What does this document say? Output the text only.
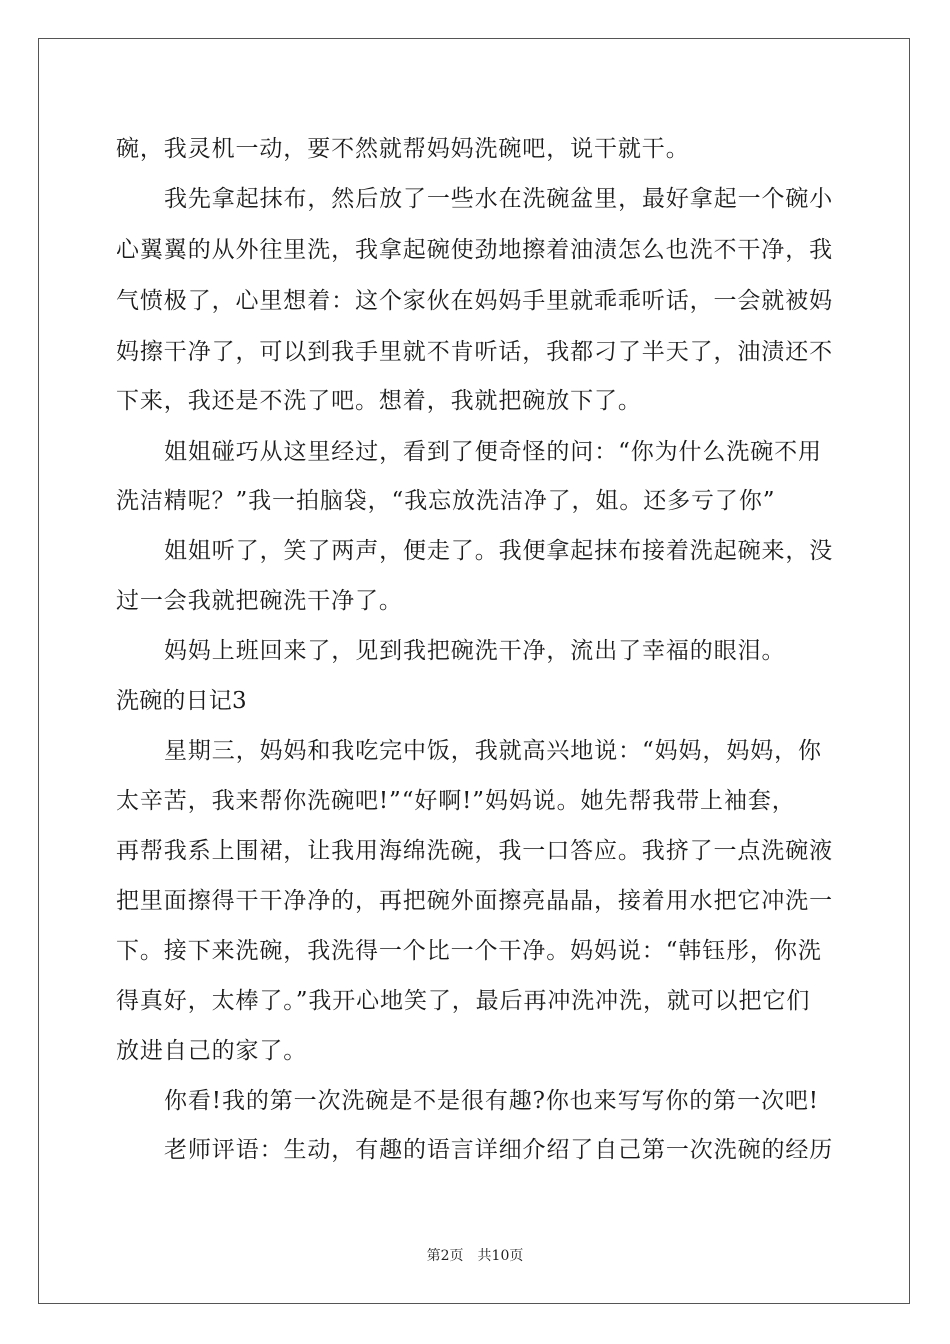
碗，我灵机一动，要不然就帮妈妈洗碗吧，说干就干。
我先拿起抹布，然后放了一些水在洗碗盆里，最好拿起一个碗小
心翼翼的从外往里洗，我拿起碗使劲地擦着油渍怎么也洗不干净，我
气愤极了，心里想着：这个家伙在妈妈手里就乖乖听话，一会就被妈
妈擦干净了，可以到我手里就不肯听话，我都刁了半天了，油渍还不
下来，我还是不洗了吧。想着，我就把碗放下了。
姐姐碰巧从这里经过，看到了便奇怪的问：“你为什么洗碗不用
洗洁精呢？”我一拍脑袋，“我忘放洗洁净了，姐。还多亏了你”
姐姐听了，笑了两声，便走了。我便拿起抹布接着洗起碗来，没
过一会我就把碗洗干净了。
妈妈上班回来了，见到我把碗洗干净，流出了幸福的眼泪。
洗碗的日记3
星期三，妈妈和我吃完中饭，我就高兴地说：“妈妈，妈妈，你
太辛苦，我来帮你洗碗吧!”“好啊!”妈妈说。她先帮我带上袖套，
再帮我系上围裙，让我用海绵洗碗，我一口答应。我挤了一点洗碗液
把里面擦得干干净净的，再把碗外面擦亮晶晶，接着用水把它冲洗一
下。接下来洗碗，我洗得一个比一个干净。妈妈说：“韩钰彤，你洗
得真好，太棒了。”我开心地笑了，最后再冲洗冲洗，就可以把它们
放进自己的家了。
你看!我的第一次洗碗是不是很有趣?你也来写写你的第一次吧!
老师评语：生动，有趣的语言详细介绍了自己第一次洗碗的经历
第2页　共10页
